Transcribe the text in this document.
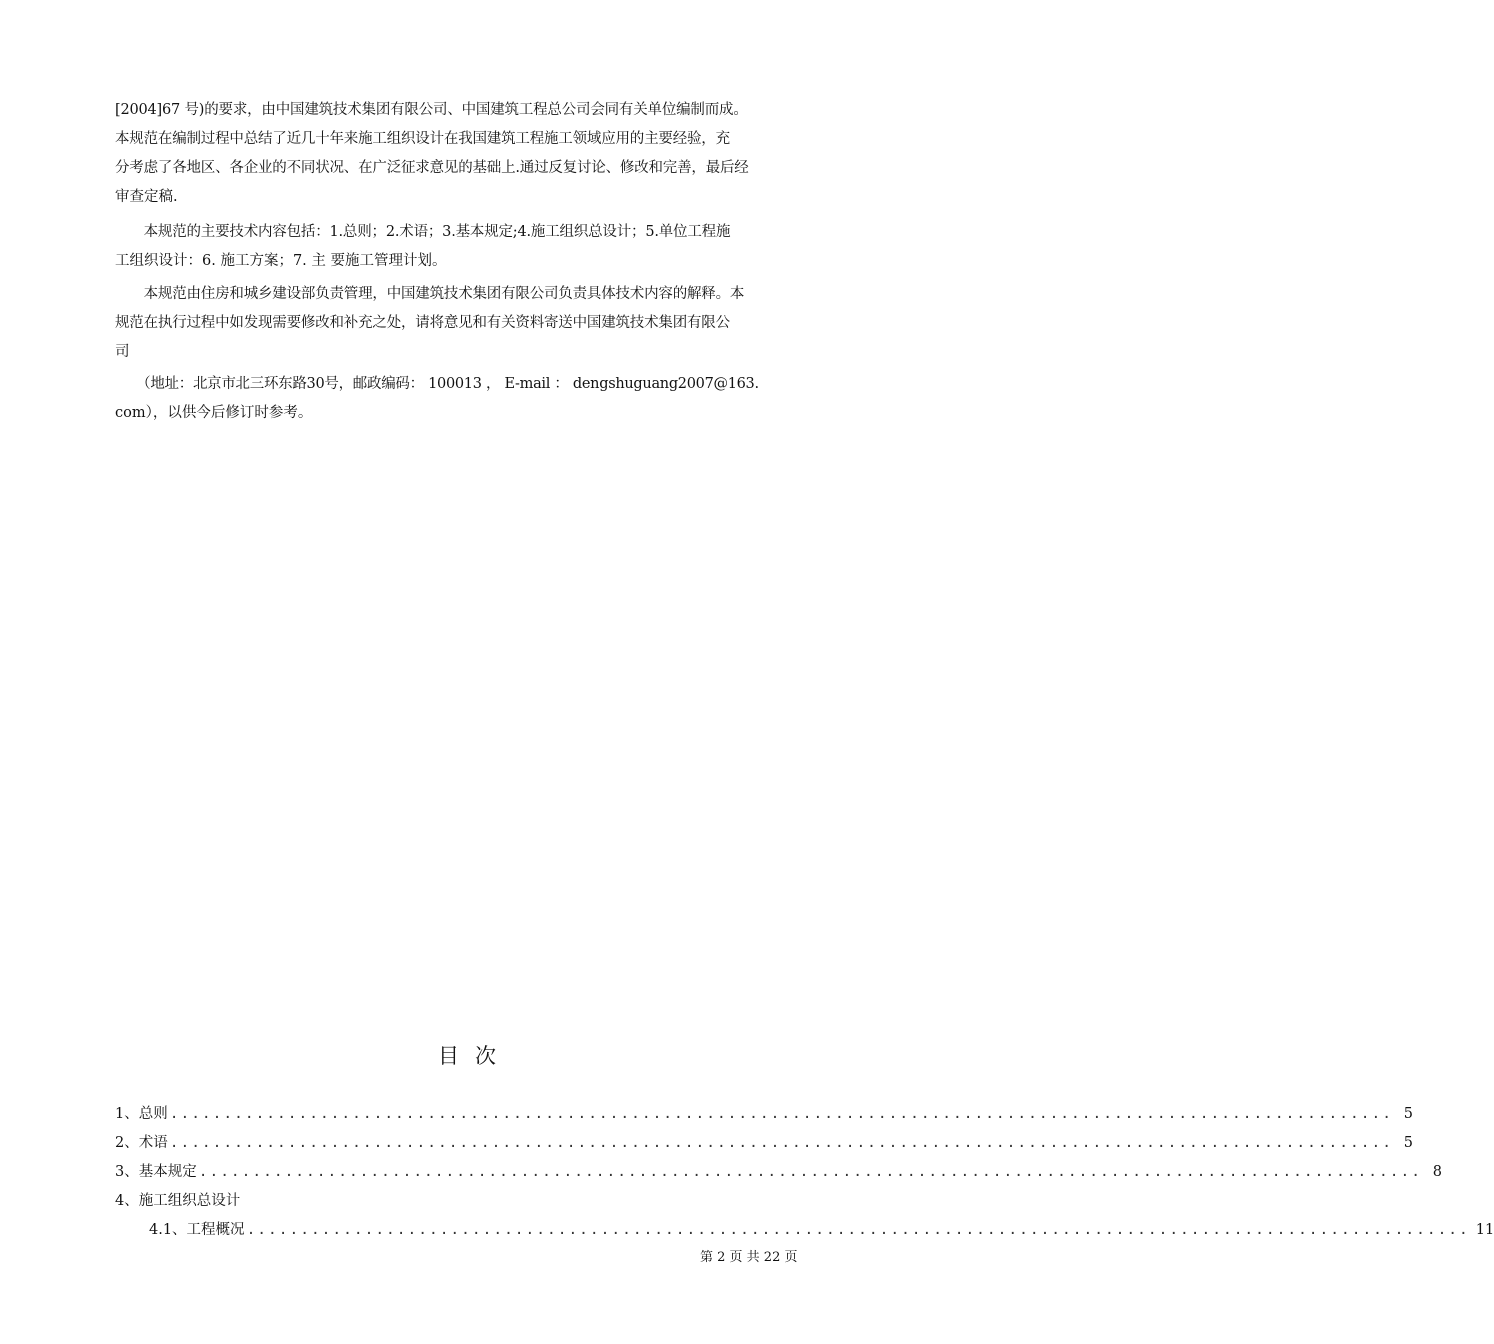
[2004]67 号)的要求，由中国建筑技术集团有限公司、中国建筑工程总公司会同有关单位编制而成。
本规范在编制过程中总结了近几十年来施工组织设计在我国建筑工程施工领域应用的主要经验，充
分考虑了各地区、各企业的不同状况、在广泛征求意见的基础上.通过反复讨论、修改和完善，最后经
审查定稿.
　　本规范的主要技术内容包括：1.总则；2.术语；3.基本规定;4.施工组织总设计；5.单位工程施
工组织设计：6. 施工方案；7. 主 要施工管理计划。
　　本规范由住房和城乡建设部负责管理，中国建筑技术集团有限公司负责具体技术内容的解释。本
规范在执行过程中如发现需要修改和补充之处，请将意见和有关资料寄送中国建筑技术集团有限公
司
　　（地址：北京市北三环东路30号，邮政编码： 100013 ， E-mail ： dengshuguang2007@163.
com），以供今后修订时参考。
目次
1、总则 .................................................................................................................. 5
2、术语 .................................................................................................................. 5
3、基本规定 .................................................................................................................. 8
4、施工组织总设计
4.1、工程概况 .................................................................................................................. 11
第 2 页 共 22 页
